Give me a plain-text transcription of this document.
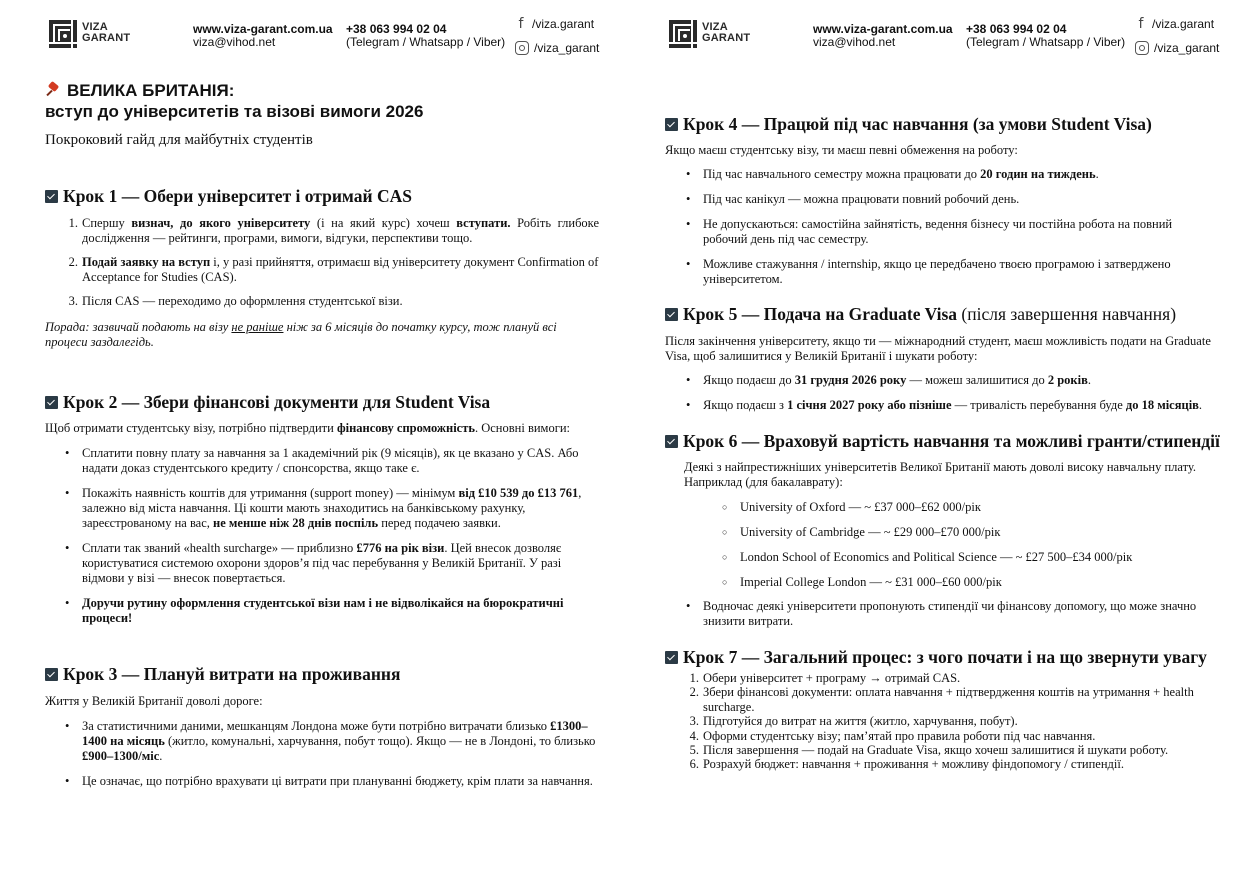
VIZA
GARANT
www.viza-garant.com.ua
viza@vihod.net
+38 063 994 02 04
(Telegram / Whatsapp / Viber)
f /viza.garant
/viza_garant
ВЕЛИКА БРИТАНІЯ:
вступ до університетів та візові вимоги 2026
Покроковий гайд для майбутніх студентів
Крок 1 — Обери університет і отримай CAS
1. Спершу визнач, до якого університету (і на який курс) хочеш вступати. Робіть глибоке дослідження — рейтинги, програми, вимоги, відгуки, перспективи тощо.
2. Подай заявку на вступ і, у разі прийняття, отримаєш від університету документ Confirmation of Acceptance for Studies (CAS).
3. Після CAS — переходимо до оформлення студентської візи.
Порада: зазвичай подають на візу не раніше ніж за 6 місяців до початку курсу, тож плануй всі процеси заздалегідь.
Крок 2 — Збери фінансові документи для Student Visa
Щоб отримати студентську візу, потрібно підтвердити фінансову спроможність. Основні вимоги:
• Сплатити повну плату за навчання за 1 академічний рік (9 місяців), як це вказано у CAS. Або надати доказ студентського кредиту / спонсорства, якщо таке є.
• Покажіть наявність коштів для утримання (support money) — мінімум від £10 539 до £13 761, залежно від міста навчання. Ці кошти мають знаходитись на банківському рахунку, зареєстрованому на вас, не менше ніж 28 днів поспіль перед подачею заявки.
• Сплати так званий «health surcharge» — приблизно £776 на рік візи. Цей внесок дозволяє користуватися системою охорони здоров’я під час перебування у Великій Британії. У разі відмови у візі — внесок повертається.
• Доручи рутину оформлення студентської візи нам і не відволікайся на бюрократичні процеси!
Крок 3 — Плануй витрати на проживання
Життя у Великій Британії доволі дороге:
• За статистичними даними, мешканцям Лондона може бути потрібно витрачати близько £1300–1400 на місяць (житло, комунальні, харчування, побут тощо). Якщо — не в Лондоні, то близько £900–1300/міс.
• Це означає, що потрібно врахувати ці витрати при плануванні бюджету, крім плати за навчання.
VIZA
GARANT
www.viza-garant.com.ua
viza@vihod.net
+38 063 994 02 04
(Telegram / Whatsapp / Viber)
f /viza.garant
/viza_garant
Крок 4 — Працюй під час навчання (за умови Student Visa)
Якщо маєш студентську візу, ти маєш певні обмеження на роботу:
• Під час навчального семестру можна працювати до 20 годин на тиждень.
• Під час канікул — можна працювати повний робочий день.
• Не допускаються: самостійна зайнятість, ведення бізнесу чи постійна робота на повний робочий день під час семестру.
• Можливе стажування / internship, якщо це передбачено твоєю програмою і затверджено університетом.
Крок 5 — Подача на Graduate Visa (після завершення навчання)
Після закінчення університету, якщо ти — міжнародний студент, маєш можливість подати на Graduate Visa, щоб залишитися у Великій Британії і шукати роботу:
• Якщо подаєш до 31 грудня 2026 року — можеш залишитися до 2 років.
• Якщо подаєш з 1 січня 2027 року або пізніше — тривалість перебування буде до 18 місяців.
Крок 6 — Враховуй вартість навчання та можливі гранти/стипендії
Деякі з найпрестижніших університетів Великої Британії мають доволі високу навчальну плату. Наприклад (для бакалаврату):
○ University of Oxford — ~ £37 000–£62 000/рік
○ University of Cambridge — ~ £29 000–£70 000/рік
○ London School of Economics and Political Science — ~ £27 500–£34 000/рік
○ Imperial College London — ~ £31 000–£60 000/рік
• Водночас деякі університети пропонують стипендії чи фінансову допомогу, що може значно знизити витрати.
Крок 7 — Загальний процес: з чого почати і на що звернути увагу
1. Обери університет + програму → отримай CAS.
2. Збери фінансові документи: оплата навчання + підтвердження коштів на утримання + health surcharge.
3. Підготуйся до витрат на життя (житло, харчування, побут).
4. Оформи студентську візу; пам’ятай про правила роботи під час навчання.
5. Після завершення — подай на Graduate Visa, якщо хочеш залишитися й шукати роботу.
6. Розрахуй бюджет: навчання + проживання + можливу фіндопомогу / стипендії.
